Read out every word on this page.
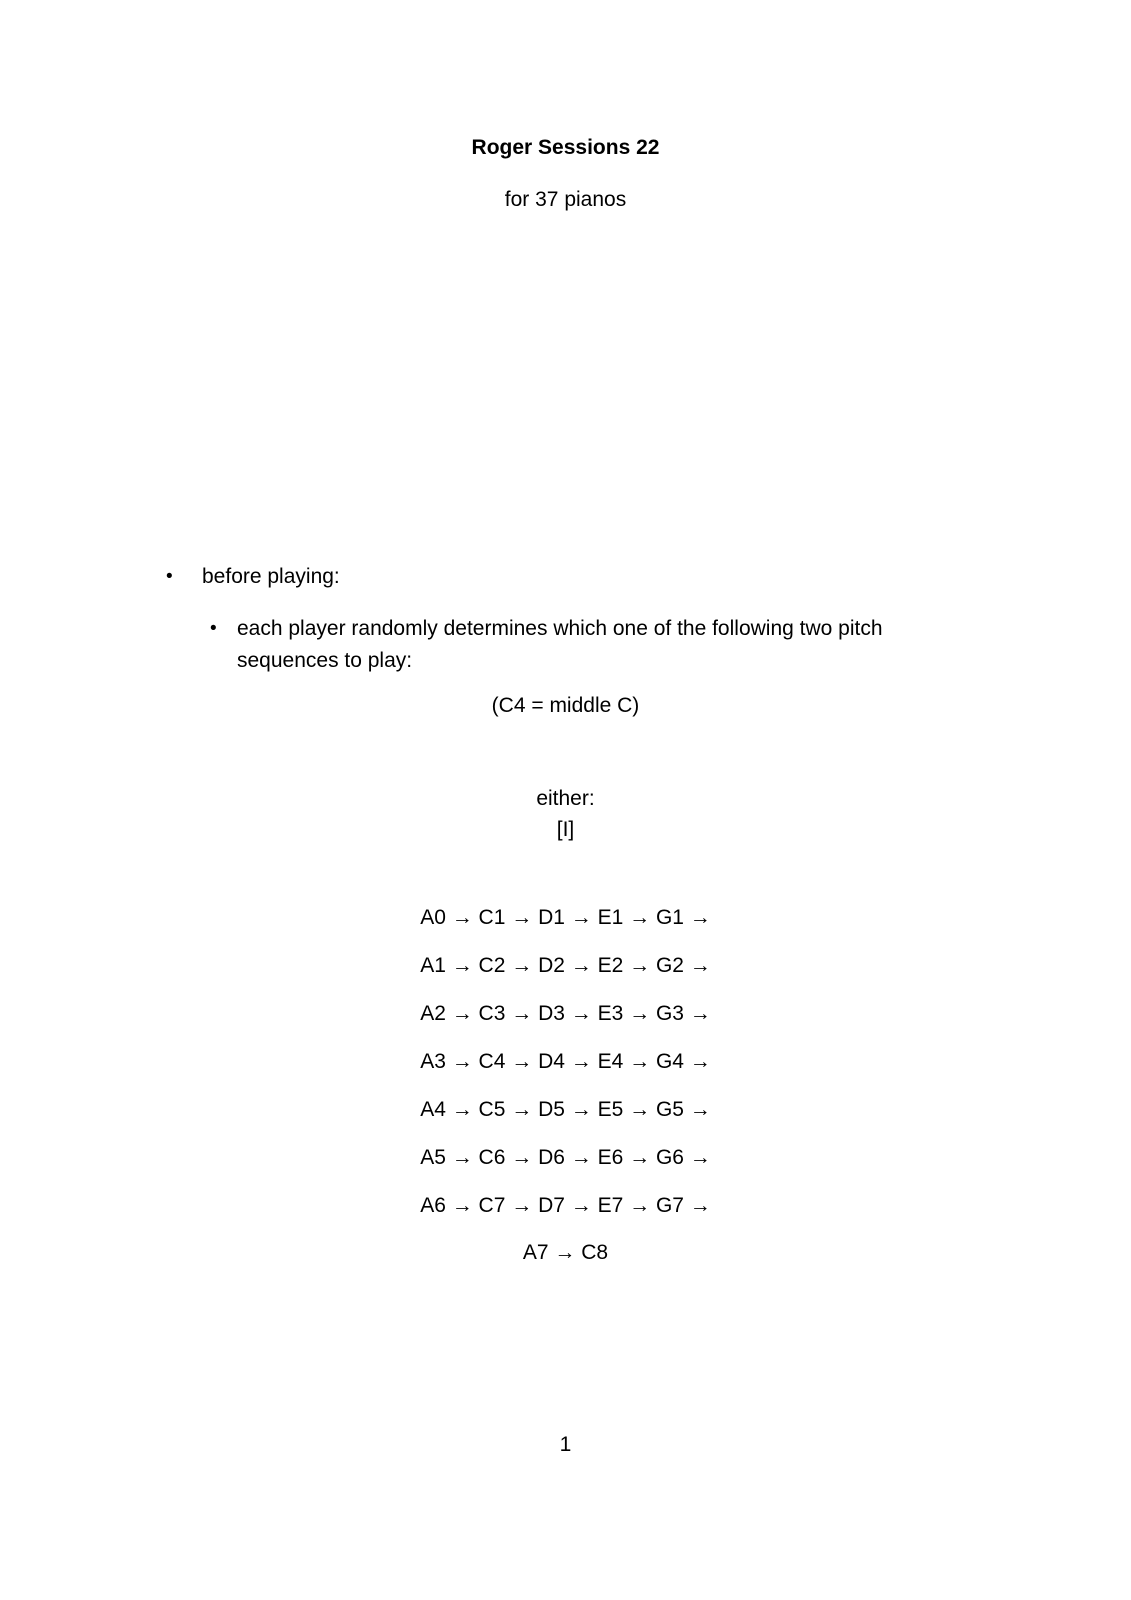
Roger Sessions 22
for 37 pianos
•	before playing:
• each player randomly determines which one of the following two pitch sequences to play:
(C4 = middle C)
either:
[I]
A0 → C1 → D1 → E1 → G1 →
A1 → C2 → D2 → E2 → G2 →
A2 → C3 → D3 → E3 → G3 →
A3 → C4 → D4 → E4 → G4 →
A4 → C5 → D5 → E5 → G5 →
A5 → C6 → D6 → E6 → G6 →
A6 → C7 → D7 → E7 → G7 →
A7 → C8
1
